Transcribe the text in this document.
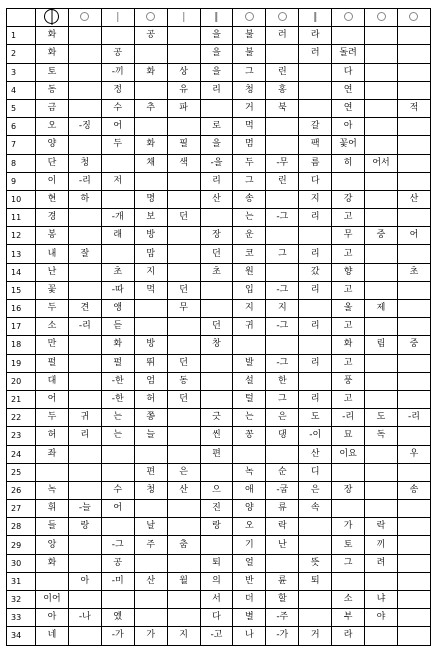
1	화			공		을	불	러	라			
2	화		공			을	불		러	돌려		
3	토		-끼	화	상	을	그	린		다		
4	동		정		유	리	청	홍		연		
5	금		수	추	파		거	북		연		적
6	오	-징	어			로	먹		갈	아		
7	양		두	화	필	을	멈		팩	꽃어		
8	단	청		채	색	-을	두	-무	름	히	어서	
9	이	-리	저			리	그	린	다			
10	현	하		명		산	송		지	강		산
11	경		-개	보	던		는	-그	리	고		
12	봉		래	방		장	운			무	중	어
13	내	잘		맘		던	코	그	리	고		
14	난		초	지		초	원		갔	향		초
15	꽃		-따	먹	던		입	-그	리	고		
16	두	견	앵		무		지	지		울	제	
17	소	-리	듣			던	귀	-그	리	고		
18	만		화	방		창				화	림	중
19	펄		펄	뛰	던		발	-그	리	고		
20	대		-한	엄	동		설	한		풍		
21	어		-한	허	던		털	그	리	고		
22	두	귀	는	쫑		긋	는	은	도	-리	도	-리
23	허	리	는	늘		씬	꽁	댕	-이	묘	독	
24	좌					편			산	이요		우
25				편	은		녹	순	디			
26	녹		수	청	산	으	애	-굽	은	장		송
27	휘	-늘	어			진	양	류	속			
28	들	랑		날		랑	오	락		가	락	
29	앙		-그	주	춤		기	난		토	끼	
30	화		공			퇴	얼		뜻	그	려	
31		아	-미	산	월	의	반	륜	퇴			
32	이어					서	더	할		소	냐	
33	아	-나	엤			다	별	-주		부	야	
34	네		-가	가	지	-고	나	-가	거	라		
